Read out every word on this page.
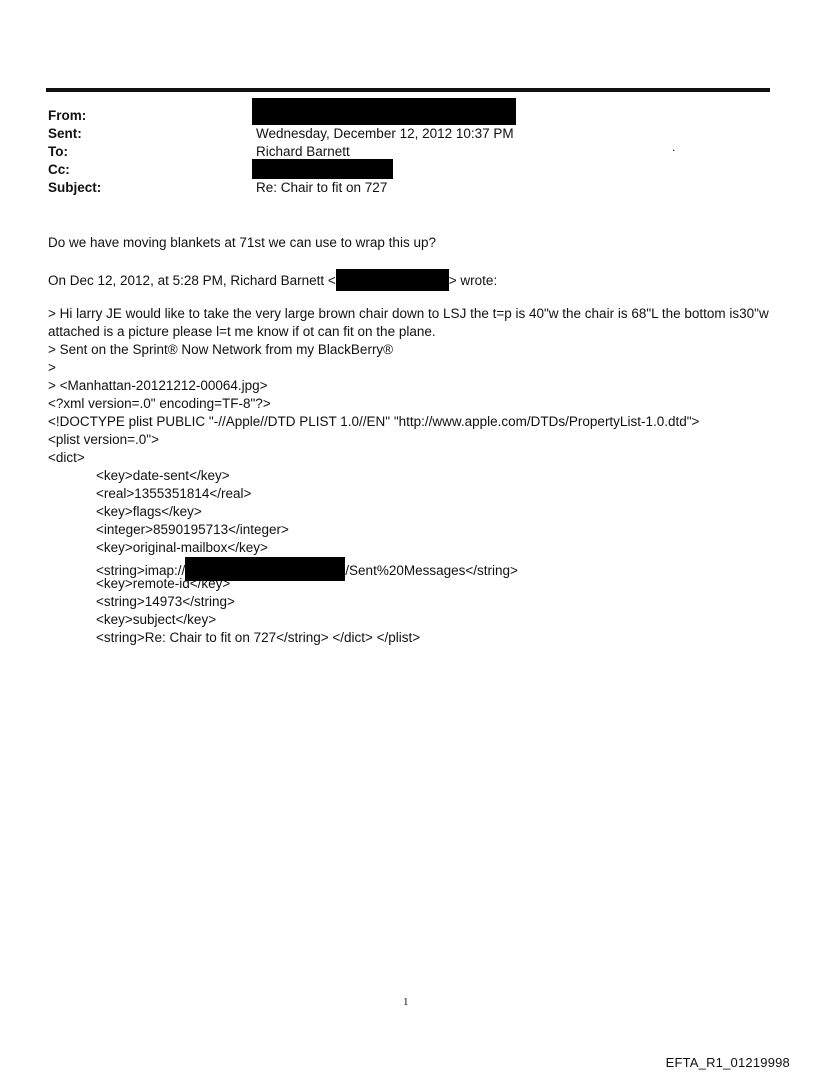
From:
Sent:	Wednesday, December 12, 2012 10:37 PM
To:	Richard Barnett	.
Cc:
Subject:	Re: Chair to fit on 727
Do we have moving blankets at 71st we can use to wrap this up?
On Dec 12, 2012, at 5:28 PM, Richard Barnett <	> wrote:
> Hi larry JE would like to take the very large brown chair down to LSJ the t=p is 40"w the chair is 68"L the bottom is30"w
attached is a picture please l=t me know if ot can fit on the plane.
> Sent on the Sprint® Now Network from my BlackBerry®
>
> <Manhattan-20121212-00064.jpg>
<?xml version=.0" encoding=TF-8"?>
<!DOCTYPE plist PUBLIC "-//Apple//DTD PLIST 1.0//EN" "http://www.apple.com/DTDs/PropertyList-1.0.dtd">
<plist version=.0">
<dict>
<key>date-sent</key>
<real>1355351814</real>
<key>flags</key>
<integer>8590195713</integer>
<key>original-mailbox</key>
<string>imap://	/Sent%20Messages</string>
<key>remote-id</key>
<string>14973</string>
<key>subject</key>
<string>Re: Chair to fit on 727</string> </dict> </plist>
1
EFTA_R1_01219998
